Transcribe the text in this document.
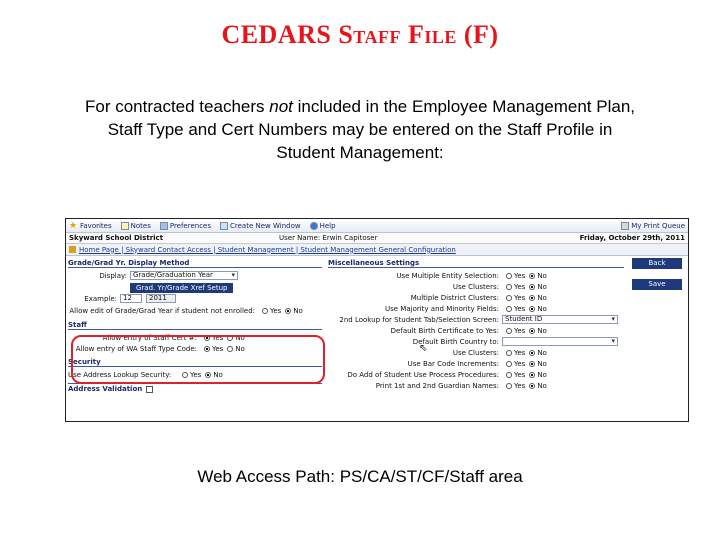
CEDARS Staff File (F)
For contracted teachers not included in the Employee Management Plan, Staff Type and Cert Numbers may be entered on the Staff Profile in Student Management:
★ Favorites	Notes	Preferences	Create New Window	Help	My Print Queue
Skyward School District	User Name: Erwin Capitoser	Friday, October 29th, 2011
Home Page | Skyward Contact Access | Student Management | Student Management General Configuration
Grade/Grad Yr. Display Method
Display: Grade/Graduation Year ▾
Grad. Yr/Grade Xref Setup
Example: 12	2011
Allow edit of Grade/Grad Year if student not enrolled:	Yes No
Staff
Allow entry of Staff Cert #:	Yes No
Allow entry of WA Staff Type Code:	Yes No
Security
Use Address Lookup Security:	Yes No
Address Validation
Miscellaneous Settings
Use Multiple Entity Selection:	Yes No
Use Clusters:	Yes No
Multiple District Clusters:	Yes No
Use Majority and Minority Fields:	Yes No
2nd Lookup for Student Tab/Selection Screen: Student ID ▾
Default Birth Certificate to Yes:	Yes No
Default Birth Country to:
▾
Use Clusters:	Yes No
Use Bar Code Increments:	Yes No
Do Add of Student Use Process Procedures:	Yes No
Print 1st and 2nd Guardian Names:	Yes No
⇖
Back
Save
Web Access Path: PS/CA/ST/CF/Staff area
